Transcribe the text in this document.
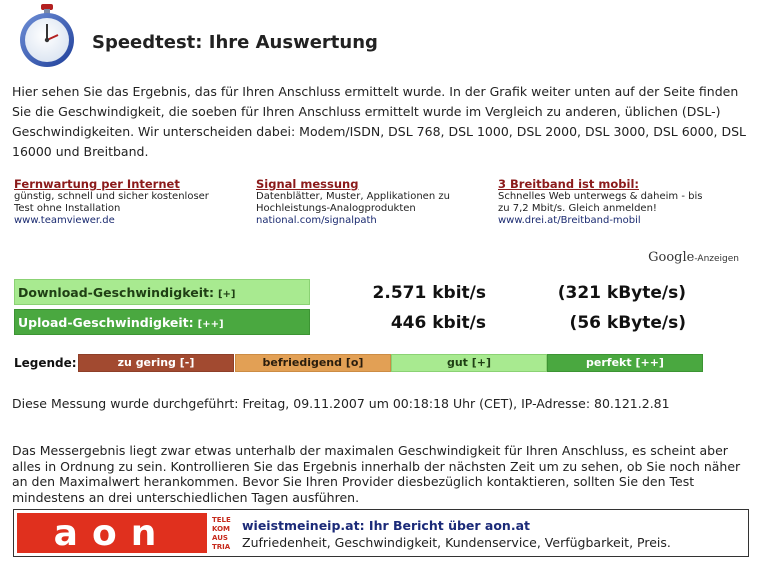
Speedtest: Ihre Auswertung
Hier sehen Sie das Ergebnis, das für Ihren Anschluss ermittelt wurde. In der Grafik weiter unten auf der Seite finden Sie die Geschwindigkeit, die soeben für Ihren Anschluss ermittelt wurde im Vergleich zu anderen, üblichen (DSL-) Geschwindigkeiten. Wir unterscheiden dabei: Modem/ISDN, DSL 768, DSL 1000, DSL 2000, DSL 3000, DSL 6000, DSL 16000 und Breitband.
Fernwartung per Internet
günstig, schnell und sicher kostenloser
Test ohne Installation
www.teamviewer.de
Signal messung
Datenblätter, Muster, Applikationen zu
Hochleistungs-Analogprodukten
national.com/signalpath
3 Breitband ist mobil:
Schnelles Web unterwegs & daheim - bis
zu 7,2 Mbit/s. Gleich anmelden!
www.drei.at/Breitband-mobil
Google-Anzeigen
Download-Geschwindigkeit: [+]	2.571 kbit/s	(321 kByte/s)
Upload-Geschwindigkeit: [++]	446 kbit/s	(56 kByte/s)
Legende:	zu gering [-]	befriedigend [o]	gut [+]	perfekt [++]
Diese Messung wurde durchgeführt: Freitag, 09.11.2007 um 00:18:18 Uhr (CET), IP-Adresse: 80.121.2.81
Das Messergebnis liegt zwar etwas unterhalb der maximalen Geschwindigkeit für Ihren Anschluss, es scheint aber alles in Ordnung zu sein. Kontrollieren Sie das Ergebnis innerhalb der nächsten Zeit um zu sehen, ob Sie noch näher an den Maximalwert herankommen. Bevor Sie Ihren Provider diesbezüglich kontaktieren, sollten Sie den Test mindestens an drei unterschiedlichen Tagen ausführen.
aon	TELE
KOM
AUS
TRIA
wieistmeineip.at: Ihr Bericht über aon.at
Zufriedenheit, Geschwindigkeit, Kundenservice, Verfügbarkeit, Preis.
